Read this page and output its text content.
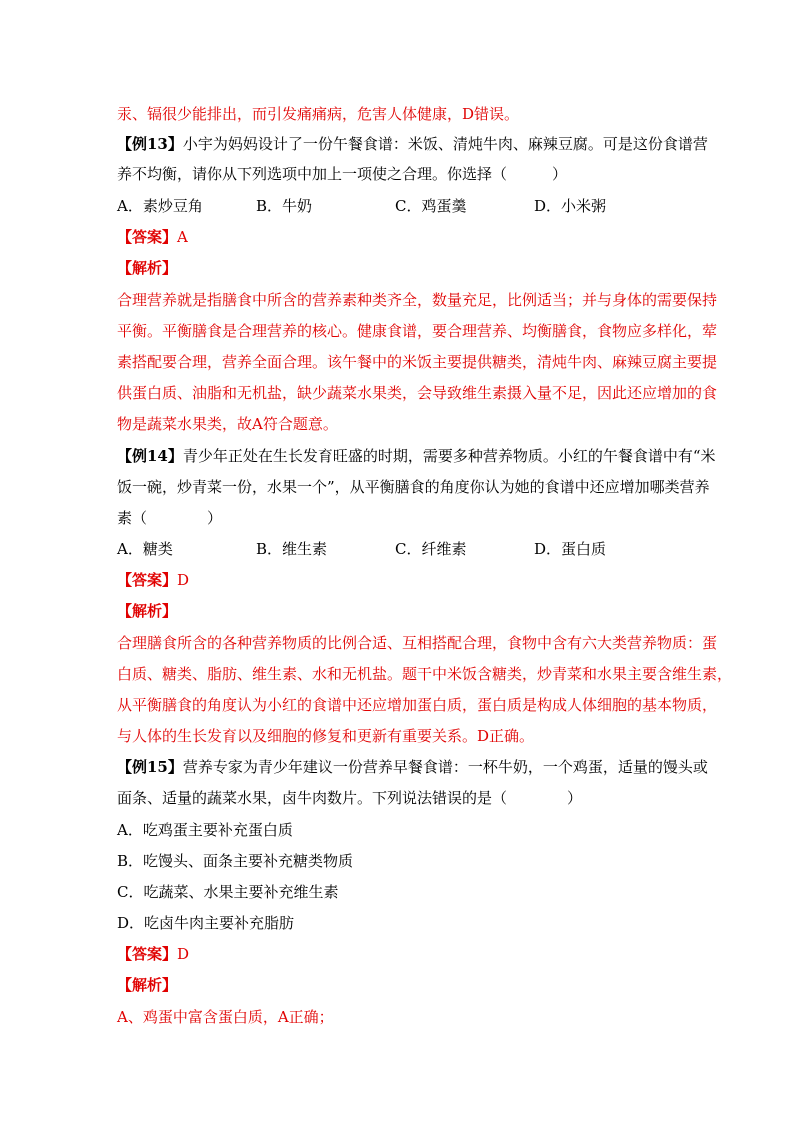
汞、镉很少能排出，而引发痛痛病，危害人体健康，D错误。
【例13】小宇为妈妈设计了一份午餐食谱：米饭、清炖牛肉、麻辣豆腐。可是这份食谱营
养不均衡，请你从下列选项中加上一项使之合理。你选择（　　　）
A．素炒豆角	B．牛奶	C．鸡蛋羹	D．小米粥
【答案】A
【解析】
合理营养就是指膳食中所含的营养素种类齐全，数量充足，比例适当；并与身体的需要保持
平衡。平衡膳食是合理营养的核心。健康食谱，要合理营养、均衡膳食，食物应多样化，荤
素搭配要合理，营养全面合理。该午餐中的米饭主要提供糖类，清炖牛肉、麻辣豆腐主要提
供蛋白质、油脂和无机盐，缺少蔬菜水果类，会导致维生素摄入量不足，因此还应增加的食
物是蔬菜水果类，故A符合题意。
【例14】青少年正处在生长发育旺盛的时期，需要多种营养物质。小红的午餐食谱中有“米
饭一碗，炒青菜一份，水果一个”，从平衡膳食的角度你认为她的食谱中还应增加哪类营养
素（　　　　）
A．糖类	B．维生素	C．纤维素	D．蛋白质
【答案】D
【解析】
合理膳食所含的各种营养物质的比例合适、互相搭配合理，食物中含有六大类营养物质：蛋
白质、糖类、脂肪、维生素、水和无机盐。题干中米饭含糖类，炒青菜和水果主要含维生素，
从平衡膳食的角度认为小红的食谱中还应增加蛋白质，蛋白质是构成人体细胞的基本物质，
与人体的生长发育以及细胞的修复和更新有重要关系。D正确。
【例15】营养专家为青少年建议一份营养早餐食谱：一杯牛奶，一个鸡蛋，适量的馒头或
面条、适量的蔬菜水果，卤牛肉数片。下列说法错误的是（　　　　）
A．吃鸡蛋主要补充蛋白质
B．吃馒头、面条主要补充糖类物质
C．吃蔬菜、水果主要补充维生素
D．吃卤牛肉主要补充脂肪
【答案】D
【解析】
A、鸡蛋中富含蛋白质，A正确；
